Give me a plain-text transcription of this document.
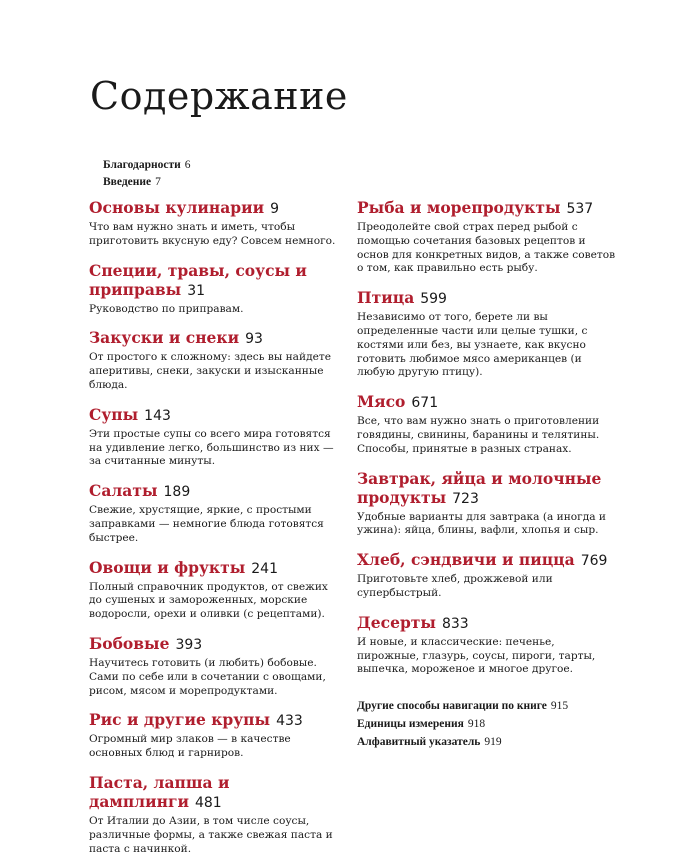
Содержание
Благодарности 6
Введение 7
Основы кулинарии 9
Что вам нужно знать и иметь, чтобы приготовить вкусную еду? Совсем немного.
Специи, травы, соусы и приправы 31
Руководство по приправам.
Закуски и снеки 93
От простого к сложному: здесь вы найдете аперитивы, снеки, закуски и изысканные блюда.
Супы 143
Эти простые супы со всего мира готовятся на удивление легко, большинство из них — за считанные минуты.
Салаты 189
Свежие, хрустящие, яркие, с простыми заправками — немногие блюда готовятся быстрее.
Овощи и фрукты 241
Полный справочник продуктов, от свежих до сушеных и замороженных, морские водоросли, орехи и оливки (с рецептами).
Бобовые 393
Научитесь готовить (и любить) бобовые. Сами по себе или в сочетании с овощами, рисом, мясом и морепродуктами.
Рис и другие крупы 433
Огромный мир злаков — в качестве основных блюд и гарниров.
Паста, лапша и дамплинги 481
От Италии до Азии, в том числе соусы, различные формы, а также свежая паста и паста с начинкой.
Рыба и морепродукты 537
Преодолейте свой страх перед рыбой с помощью сочетания базовых рецептов и основ для конкретных видов, а также советов о том, как правильно есть рыбу.
Птица 599
Независимо от того, берете ли вы определенные части или целые тушки, с костями или без, вы узнаете, как вкусно готовить любимое мясо американцев (и любую другую птицу).
Мясо 671
Все, что вам нужно знать о приготовлении говядины, свинины, баранины и телятины. Способы, принятые в разных странах.
Завтрак, яйца и молочные продукты 723
Удобные варианты для завтрака (а иногда и ужина): яйца, блины, вафли, хлопья и сыр.
Хлеб, сэндвичи и пицца 769
Приготовьте хлеб, дрожжевой или супербыстрый.
Десерты 833
И новые, и классические: печенье, пирожные, глазурь, соусы, пироги, тарты, выпечка, мороженое и многое другое.
Другие способы навигации по книге 915
Единицы измерения 918
Алфавитный указатель 919
